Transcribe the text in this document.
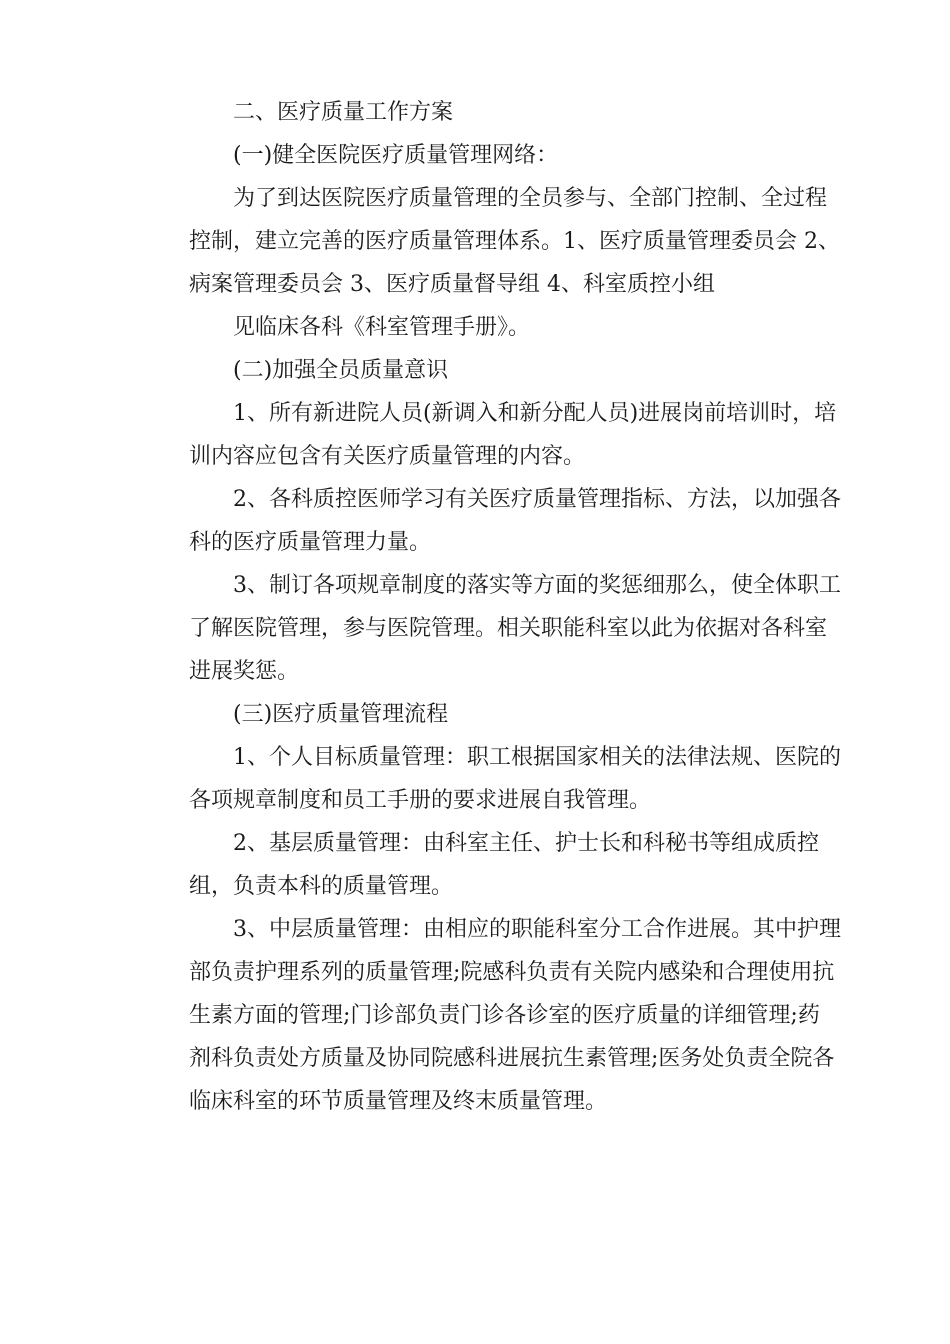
二、医疗质量工作方案

(一)健全医院医疗质量管理网络：

为了到达医院医疗质量管理的全员参与、全部门控制、全过程
控制，建立完善的医疗质量管理体系。1、医疗质量管理委员会 2、
病案管理委员会 3、医疗质量督导组 4、科室质控小组

见临床各科《科室管理手册》。

(二)加强全员质量意识

1、所有新进院人员(新调入和新分配人员)进展岗前培训时，培
训内容应包含有关医疗质量管理的内容。

2、各科质控医师学习有关医疗质量管理指标、方法，以加强各
科的医疗质量管理力量。

3、制订各项规章制度的落实等方面的奖惩细那么，使全体职工
了解医院管理，参与医院管理。相关职能科室以此为依据对各科室
进展奖惩。

(三)医疗质量管理流程

1、个人目标质量管理：职工根据国家相关的法律法规、医院的
各项规章制度和员工手册的要求进展自我管理。

2、基层质量管理：由科室主任、护士长和科秘书等组成质控
组，负责本科的质量管理。

3、中层质量管理：由相应的职能科室分工合作进展。其中护理
部负责护理系列的质量管理;院感科负责有关院内感染和合理使用抗
生素方面的管理;门诊部负责门诊各诊室的医疗质量的详细管理;药
剂科负责处方质量及协同院感科进展抗生素管理;医务处负责全院各
临床科室的环节质量管理及终末质量管理。
